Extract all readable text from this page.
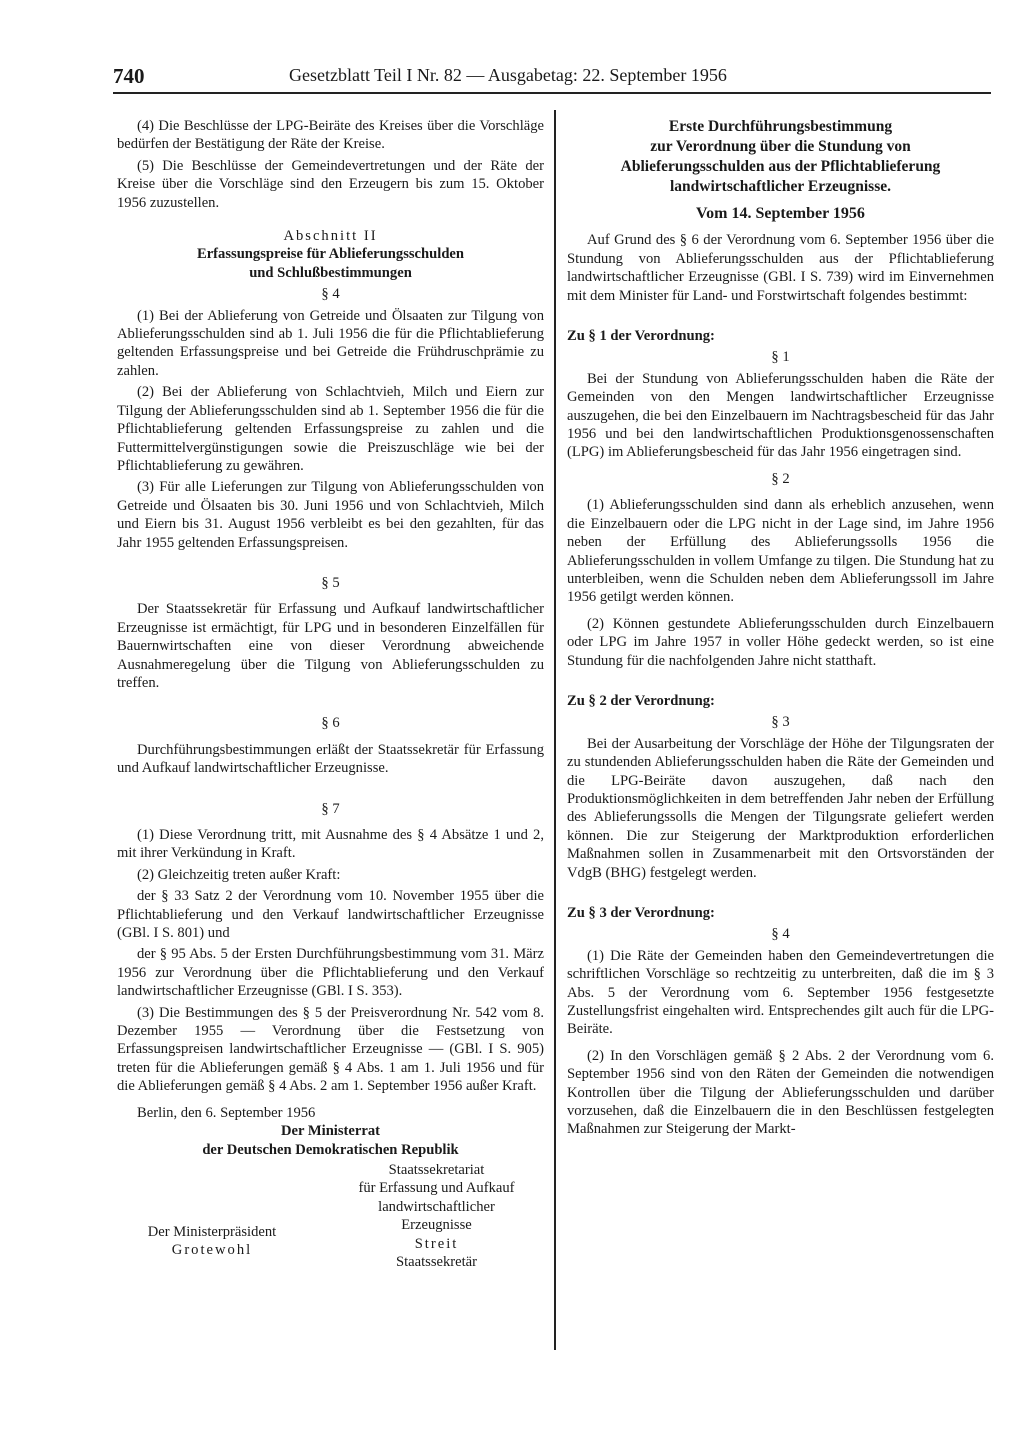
740	Gesetzblatt Teil I Nr. 82 — Ausgabetag: 22. September 1956

(4) Die Beschlüsse der LPG-Beiräte des Kreises über die Vorschläge bedürfen der Bestätigung der Räte der Kreise.

(5) Die Beschlüsse der Gemeindevertretungen und der Räte der Kreise über die Vorschläge sind den Erzeugern bis zum 15. Oktober 1956 zuzustellen.

Abschnitt II

Erfassungspreise für Ablieferungsschulden

und Schlußbestimmungen

§ 4

(1) Bei der Ablieferung von Getreide und Ölsaaten zur Tilgung von Ablieferungsschulden sind ab 1. Juli 1956 die für die Pflichtablieferung geltenden Erfassungspreise und bei Getreide die Frühdruschprämie zu zahlen.

(2) Bei der Ablieferung von Schlachtvieh, Milch und Eiern zur Tilgung der Ablieferungsschulden sind ab 1. September 1956 die für die Pflichtablieferung geltenden Erfassungspreise zu zahlen und die Futtermittelvergünstigungen sowie die Preiszuschläge wie bei der Pflichtablieferung zu gewähren.

(3) Für alle Lieferungen zur Tilgung von Ablieferungsschulden von Getreide und Ölsaaten bis 30. Juni 1956 und von Schlachtvieh, Milch und Eiern bis 31. August 1956 verbleibt es bei den gezahlten, für das Jahr 1955 geltenden Erfassungspreisen.

§ 5

Der Staatssekretär für Erfassung und Aufkauf landwirtschaftlicher Erzeugnisse ist ermächtigt, für LPG und in besonderen Einzelfällen für Bauernwirtschaften eine von dieser Verordnung abweichende Ausnahmeregelung über die Tilgung von Ablieferungsschulden zu treffen.

§ 6

Durchführungsbestimmungen erläßt der Staatssekretär für Erfassung und Aufkauf landwirtschaftlicher Erzeugnisse.

§ 7

(1) Diese Verordnung tritt, mit Ausnahme des § 4 Absätze 1 und 2, mit ihrer Verkündung in Kraft.

(2) Gleichzeitig treten außer Kraft:

der § 33 Satz 2 der Verordnung vom 10. November 1955 über die Pflichtablieferung und den Verkauf landwirtschaftlicher Erzeugnisse (GBl. I S. 801) und

der § 95 Abs. 5 der Ersten Durchführungsbestimmung vom 31. März 1956 zur Verordnung über die Pflichtablieferung und den Verkauf landwirtschaftlicher Erzeugnisse (GBl. I S. 353).

(3) Die Bestimmungen des § 5 der Preisverordnung Nr. 542 vom 8. Dezember 1955 — Verordnung über die Festsetzung von Erfassungspreisen landwirtschaftlicher Erzeugnisse — (GBl. I S. 905) treten für die Ablieferungen gemäß § 4 Abs. 1 am 1. Juli 1956 und für die Ablieferungen gemäß § 4 Abs. 2 am 1. September 1956 außer Kraft.

Berlin, den 6. September 1956

Der Ministerrat

der Deutschen Demokratischen Republik

Staatssekretariat
für Erfassung und Aufkauf
landwirtschaftlicher
Erzeugnisse
Streit
Staatssekretär
Der Ministerpräsident
Grotewohl

Erste Durchführungsbestimmung

zur Verordnung über die Stundung von

Ablieferungsschulden aus der Pflichtablieferung

landwirtschaftlicher Erzeugnisse.

Vom 14. September 1956

Auf Grund des § 6 der Verordnung vom 6. September 1956 über die Stundung von Ablieferungsschulden aus der Pflichtablieferung landwirtschaftlicher Erzeugnisse (GBl. I S. 739) wird im Einvernehmen mit dem Minister für Land- und Forstwirtschaft folgendes bestimmt:

Zu § 1 der Verordnung:

§ 1

Bei der Stundung von Ablieferungsschulden haben die Räte der Gemeinden von den Mengen landwirtschaftlicher Erzeugnisse auszugehen, die bei den Einzelbauern im Nachtragsbescheid für das Jahr 1956 und bei den landwirtschaftlichen Produktionsgenossenschaften (LPG) im Ablieferungsbescheid für das Jahr 1956 eingetragen sind.

§ 2

(1) Ablieferungsschulden sind dann als erheblich anzusehen, wenn die Einzelbauern oder die LPG nicht in der Lage sind, im Jahre 1956 neben der Erfüllung des Ablieferungssolls 1956 die Ablieferungsschulden in vollem Umfange zu tilgen. Die Stundung hat zu unterbleiben, wenn die Schulden neben dem Ablieferungssoll im Jahre 1956 getilgt werden können.

(2) Können gestundete Ablieferungsschulden durch Einzelbauern oder LPG im Jahre 1957 in voller Höhe gedeckt werden, so ist eine Stundung für die nachfolgenden Jahre nicht statthaft.

Zu § 2 der Verordnung:

§ 3

Bei der Ausarbeitung der Vorschläge der Höhe der Tilgungsraten der zu stundenden Ablieferungsschulden haben die Räte der Gemeinden und die LPG-Beiräte davon auszugehen, daß nach den Produktionsmöglichkeiten in dem betreffenden Jahr neben der Erfüllung des Ablieferungssolls die Mengen der Tilgungsrate geliefert werden können. Die zur Steigerung der Marktproduktion erforderlichen Maßnahmen sollen in Zusammenarbeit mit den Ortsvorständen der VdgB (BHG) festgelegt werden.

Zu § 3 der Verordnung:

§ 4

(1) Die Räte der Gemeinden haben den Gemeindevertretungen die schriftlichen Vorschläge so rechtzeitig zu unterbreiten, daß die im § 3 Abs. 5 der Verordnung vom 6. September 1956 festgesetzte Zustellungsfrist eingehalten wird. Entsprechendes gilt auch für die LPG-Beiräte.

(2) In den Vorschlägen gemäß § 2 Abs. 2 der Verordnung vom 6. September 1956 sind von den Räten der Gemeinden die notwendigen Kontrollen über die Tilgung der Ablieferungsschulden und darüber vorzusehen, daß die Einzelbauern die in den Beschlüssen festgelegten Maßnahmen zur Steigerung der Markt-
